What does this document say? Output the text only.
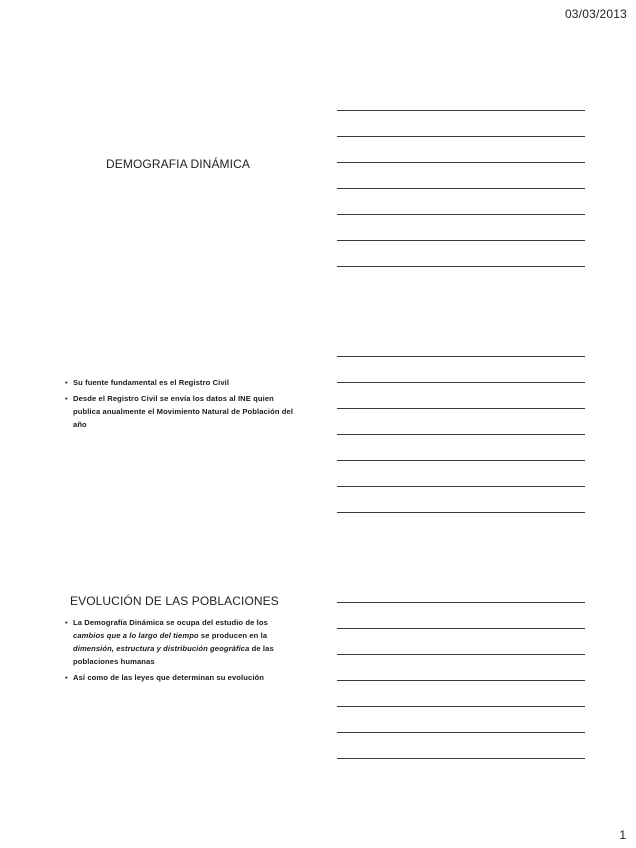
03/03/2013
DEMOGRAFIA DINÁMICA
• Su fuente fundamental es el Registro Civil
• Desde el Registro Civil se envía los datos al INE quien publica anualmente el Movimiento Natural de Población del año
EVOLUCIÓN DE LAS POBLACIONES
• La Demografía Dinámica se ocupa del estudio de los cambios que a lo largo del tiempo se producen en la dimensión, estructura y distribución geográfica de las poblaciones humanas
• Así como de las leyes que determinan su evolución
1
